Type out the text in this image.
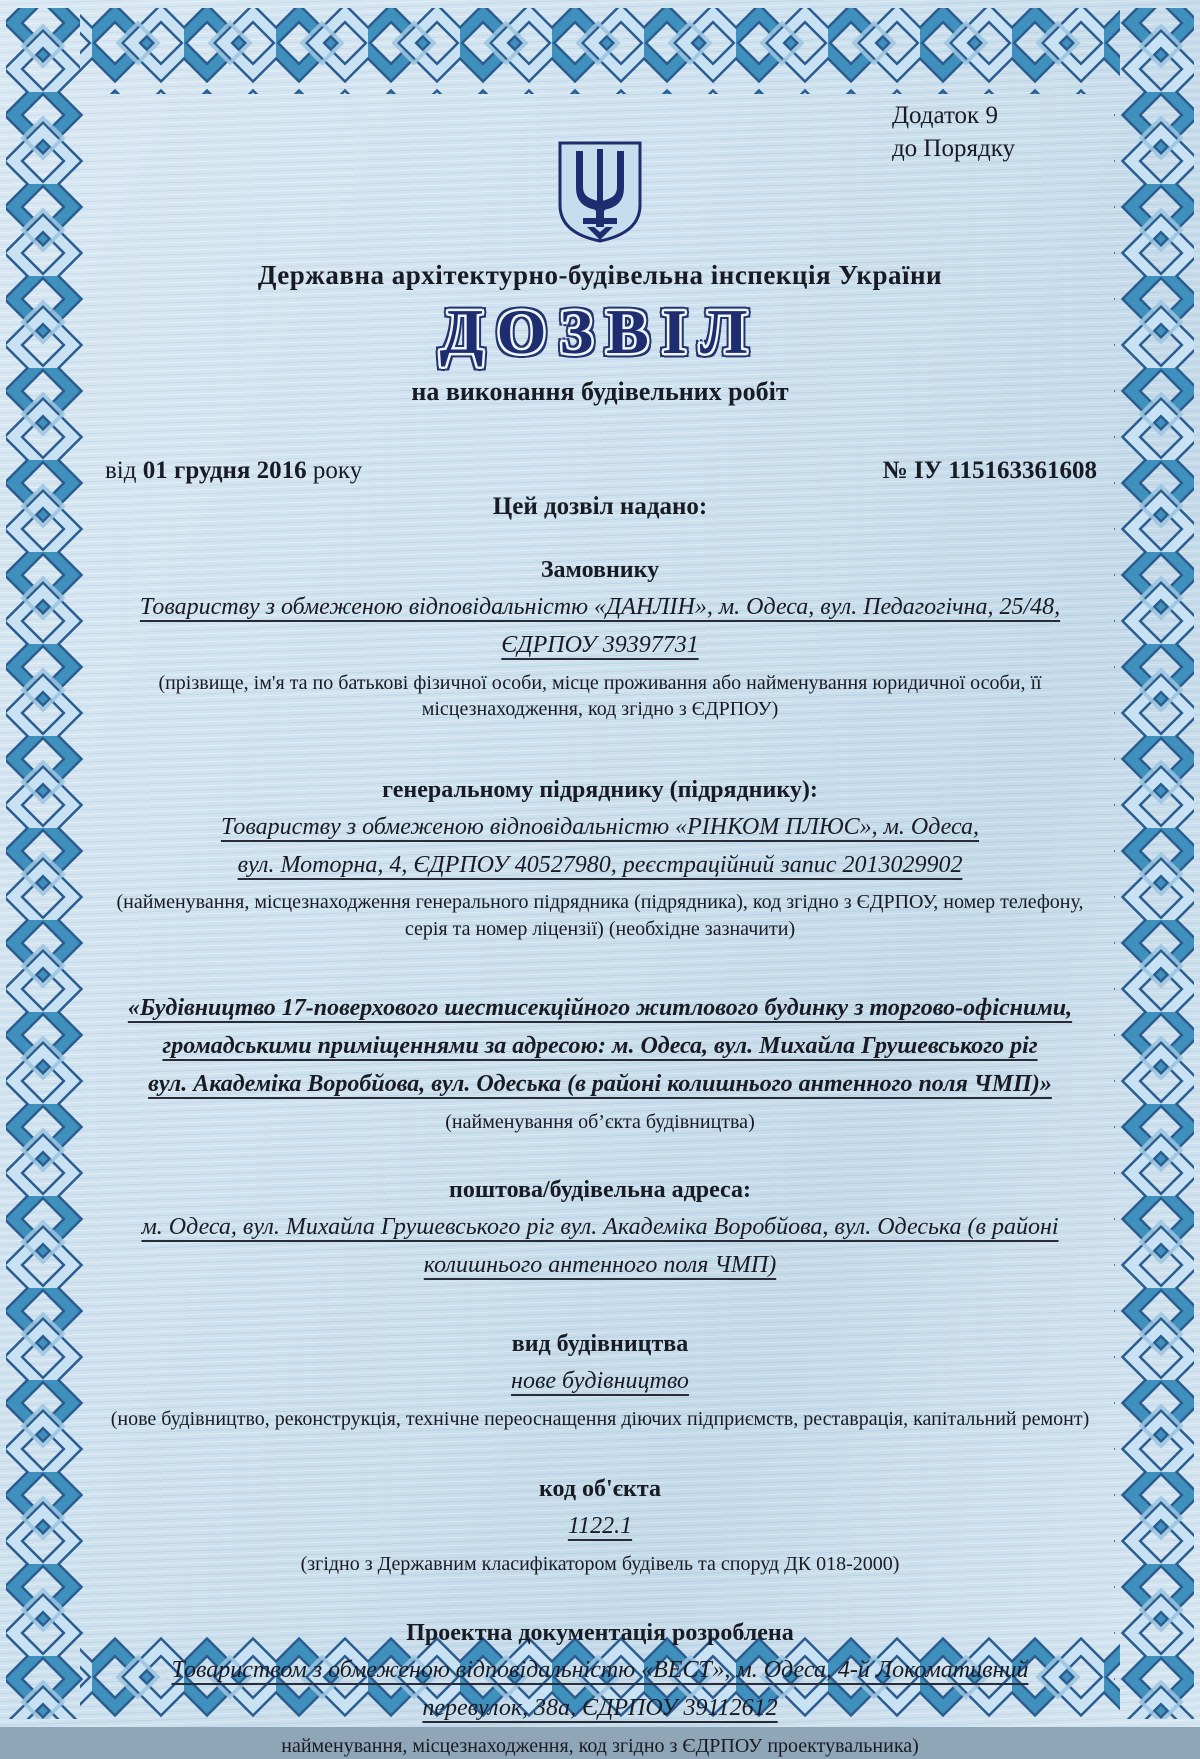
Додаток 9
до Порядку
Державна архітектурно-будівельна інспекція України
ДОЗВІЛ
на виконання будівельних робіт
від 01 грудня 2016 року	№ ІУ 115163361608
Цей дозвіл надано:
Замовнику
Товариству з обмеженою відповідальністю «ДАНЛІН», м. Одеса, вул. Педагогічна, 25/48,
ЄДРПОУ 39397731
(прізвище, ім'я та по батькові фізичної особи, місце проживання або найменування юридичної особи, її місцезнаходження, код згідно з ЄДРПОУ)
генеральному підряднику (підряднику):
Товариству з обмеженою відповідальністю «РІНКОМ ПЛЮС», м. Одеса,
вул. Моторна, 4, ЄДРПОУ 40527980, реєстраційний запис 2013029902
(найменування, місцезнаходження генерального підрядника (підрядника), код згідно з ЄДРПОУ, номер телефону, серія та номер ліцензії) (необхідне зазначити)
«Будівництво 17-поверхового шестисекційного житлового будинку з торгово-офісними,
громадськими приміщеннями за адресою: м. Одеса, вул. Михайла Грушевського ріг
вул. Академіка Воробйова, вул. Одеська (в районі колишнього антенного поля ЧМП)»
(найменування об’єкта будівництва)
поштова/будівельна адреса:
м. Одеса, вул. Михайла Грушевського ріг вул. Академіка Воробйова, вул. Одеська (в районі
колишнього антенного поля ЧМП)
вид будівництва
нове будівництво
(нове будівництво, реконструкція, технічне переоснащення діючих підприємств, реставрація, капітальний ремонт)
код об'єкта
1122.1
(згідно з Державним класифікатором будівель та споруд ДК 018-2000)
Проектна документація розроблена
Товариством з обмеженою відповідальністю «ВЕСТ», м. Одеса, 4-й Локомативний
перевулок, 38а, ЄДРПОУ 39112612
найменування, місцезнаходження, код згідно з ЄДРПОУ проектувальника)
